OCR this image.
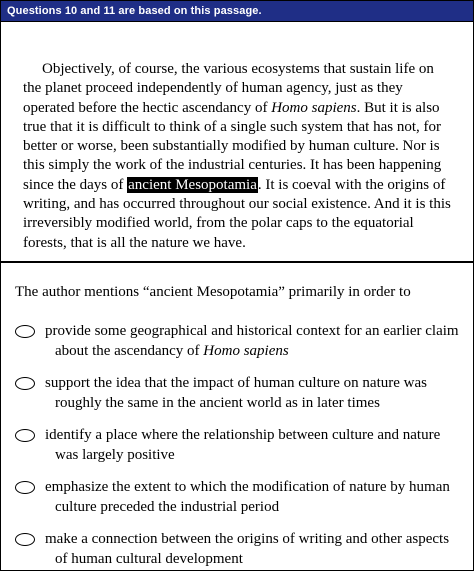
Questions 10 and 11 are based on this passage.

Objectively, of course, the various ecosystems that sustain life on the planet proceed independently of human agency, just as they operated before the hectic ascendancy of Homo sapiens. But it is also true that it is difficult to think of a single such system that has not, for better or worse, been substantially modified by human culture. Nor is this simply the work of the industrial centuries. It has been happening since the days of ancient Mesopotamia. It is coeval with the origins of writing, and has occurred throughout our social existence. And it is this irreversibly modified world, from the polar caps to the equatorial forests, that is all the nature we have.

The author mentions “ancient Mesopotamia” primarily in order to

provide some geographical and historical context for an earlier claim about the ascendancy of Homo sapiens
support the idea that the impact of human culture on nature was roughly the same in the ancient world as in later times
identify a place where the relationship between culture and nature was largely positive
emphasize the extent to which the modification of nature by human culture preceded the industrial period
make a connection between the origins of writing and other aspects of human cultural development
